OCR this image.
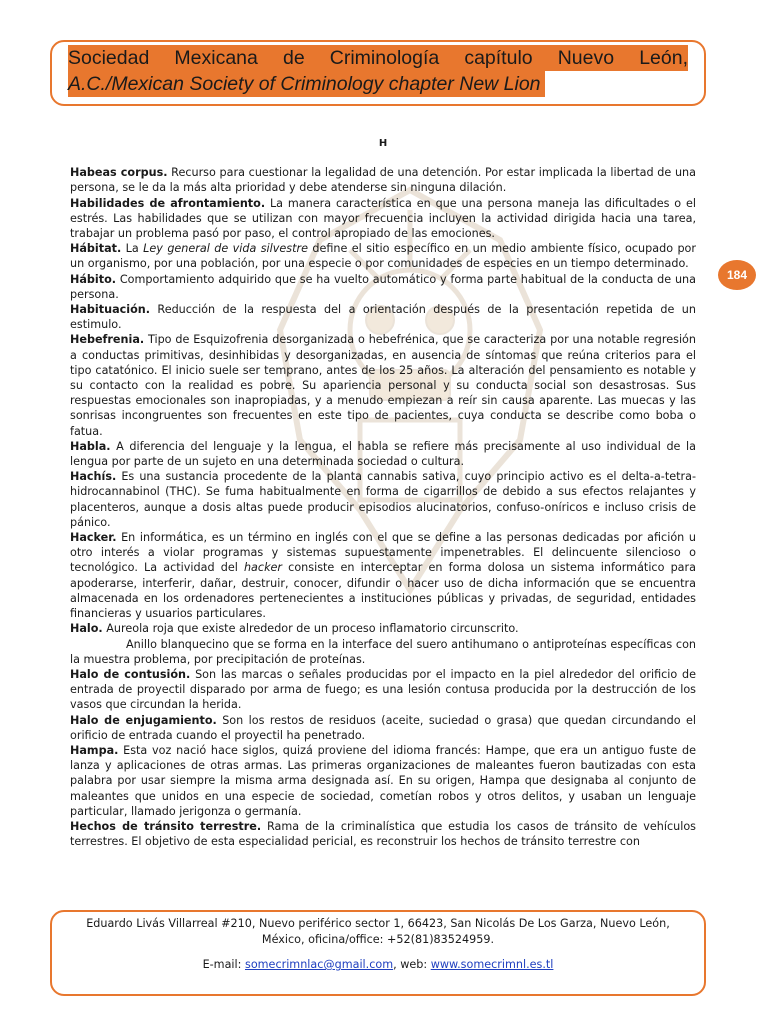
Sociedad Mexicana de Criminología capítulo Nuevo León,

A.C./Mexican Society of Criminology chapter New Lion
184

H

Habeas corpus. Recurso para cuestionar la legalidad de una detención. Por estar implicada la libertad de una persona, se le da la más alta prioridad y debe atenderse sin ninguna dilación.

Habilidades de afrontamiento. La manera característica en que una persona maneja las dificultades o el estrés. Las habilidades que se utilizan con mayor frecuencia incluyen la actividad dirigida hacia una tarea, trabajar un problema pasó por paso, el control apropiado de las emociones.

Hábitat. La Ley general de vida silvestre define el sitio específico en un medio ambiente físico, ocupado por un organismo, por una población, por una especie o por comunidades de especies en un tiempo determinado.

Hábito. Comportamiento adquirido que se ha vuelto automático y forma parte habitual de la conducta de una persona.

Habituación. Reducción de la respuesta del a orientación después de la presentación repetida de un estimulo.

Hebefrenia. Tipo de Esquizofrenia desorganizada o hebefrénica, que se caracteriza por una notable regresión a conductas primitivas, desinhibidas y desorganizadas, en ausencia de síntomas que reúna criterios para el tipo catatónico. El inicio suele ser temprano, antes de los 25 años. La alteración del pensamiento es notable y su contacto con la realidad es pobre. Su apariencia personal y su conducta social son desastrosas. Sus respuestas emocionales son inapropiadas, y a menudo empiezan a reír sin causa aparente. Las muecas y las sonrisas incongruentes son frecuentes en este tipo de pacientes, cuya conducta se describe como boba o fatua.

Habla. A diferencia del lenguaje y la lengua, el habla se refiere más precisamente al uso individual de la lengua por parte de un sujeto en una determinada sociedad o cultura.

Hachís. Es una sustancia procedente de la planta cannabis sativa, cuyo principio activo es el delta-a-tetra-hidrocannabinol (THC). Se fuma habitualmente en forma de cigarrillos de debido a sus efectos relajantes y placenteros, aunque a dosis altas puede producir episodios alucinatorios, confuso-oníricos e incluso crisis de pánico.

Hacker. En informática, es un término en inglés con el que se define a las personas dedicadas por afición u otro interés a violar programas y sistemas supuestamente impenetrables. El delincuente silencioso o tecnológico. La actividad del hacker consiste en interceptar en forma dolosa un sistema informático para apoderarse, interferir, dañar, destruir, conocer, difundir o hacer uso de dicha información que se encuentra almacenada en los ordenadores pertenecientes a instituciones públicas y privadas, de seguridad, entidades financieras y usuarios particulares.

Halo. Aureola roja que existe alrededor de un proceso inflamatorio circunscrito.

Anillo blanquecino que se forma en la interface del suero antihumano o antiproteínas específicas con la muestra problema, por precipitación de proteínas.

Halo de contusión. Son las marcas o señales producidas por el impacto en la piel alrededor del orificio de entrada de proyectil disparado por arma de fuego; es una lesión contusa producida por la destrucción de los vasos que circundan la herida.

Halo de enjugamiento. Son los restos de residuos (aceite, suciedad o grasa) que quedan circundando el orificio de entrada cuando el proyectil ha penetrado.

Hampa. Esta voz nació hace siglos, quizá proviene del idioma francés: Hampe, que era un antiguo fuste de lanza y aplicaciones de otras armas. Las primeras organizaciones de maleantes fueron bautizadas con esta palabra por usar siempre la misma arma designada así. En su origen, Hampa que designaba al conjunto de maleantes que unidos en una especie de sociedad, cometían robos y otros delitos, y usaban un lenguaje particular, llamado jerigonza o germanía.

Hechos de tránsito terrestre. Rama de la criminalística que estudia los casos de tránsito de vehículos terrestres. El objetivo de esta especialidad pericial, es reconstruir los hechos de tránsito terrestre con

Eduardo Livás Villarreal #210, Nuevo periférico sector 1, 66423, San Nicolás De Los Garza, Nuevo León,

México, oficina/office: +52(81)83524959.

E-mail: somecrimnlac@gmail.com, web: www.somecrimnl.es.tl
